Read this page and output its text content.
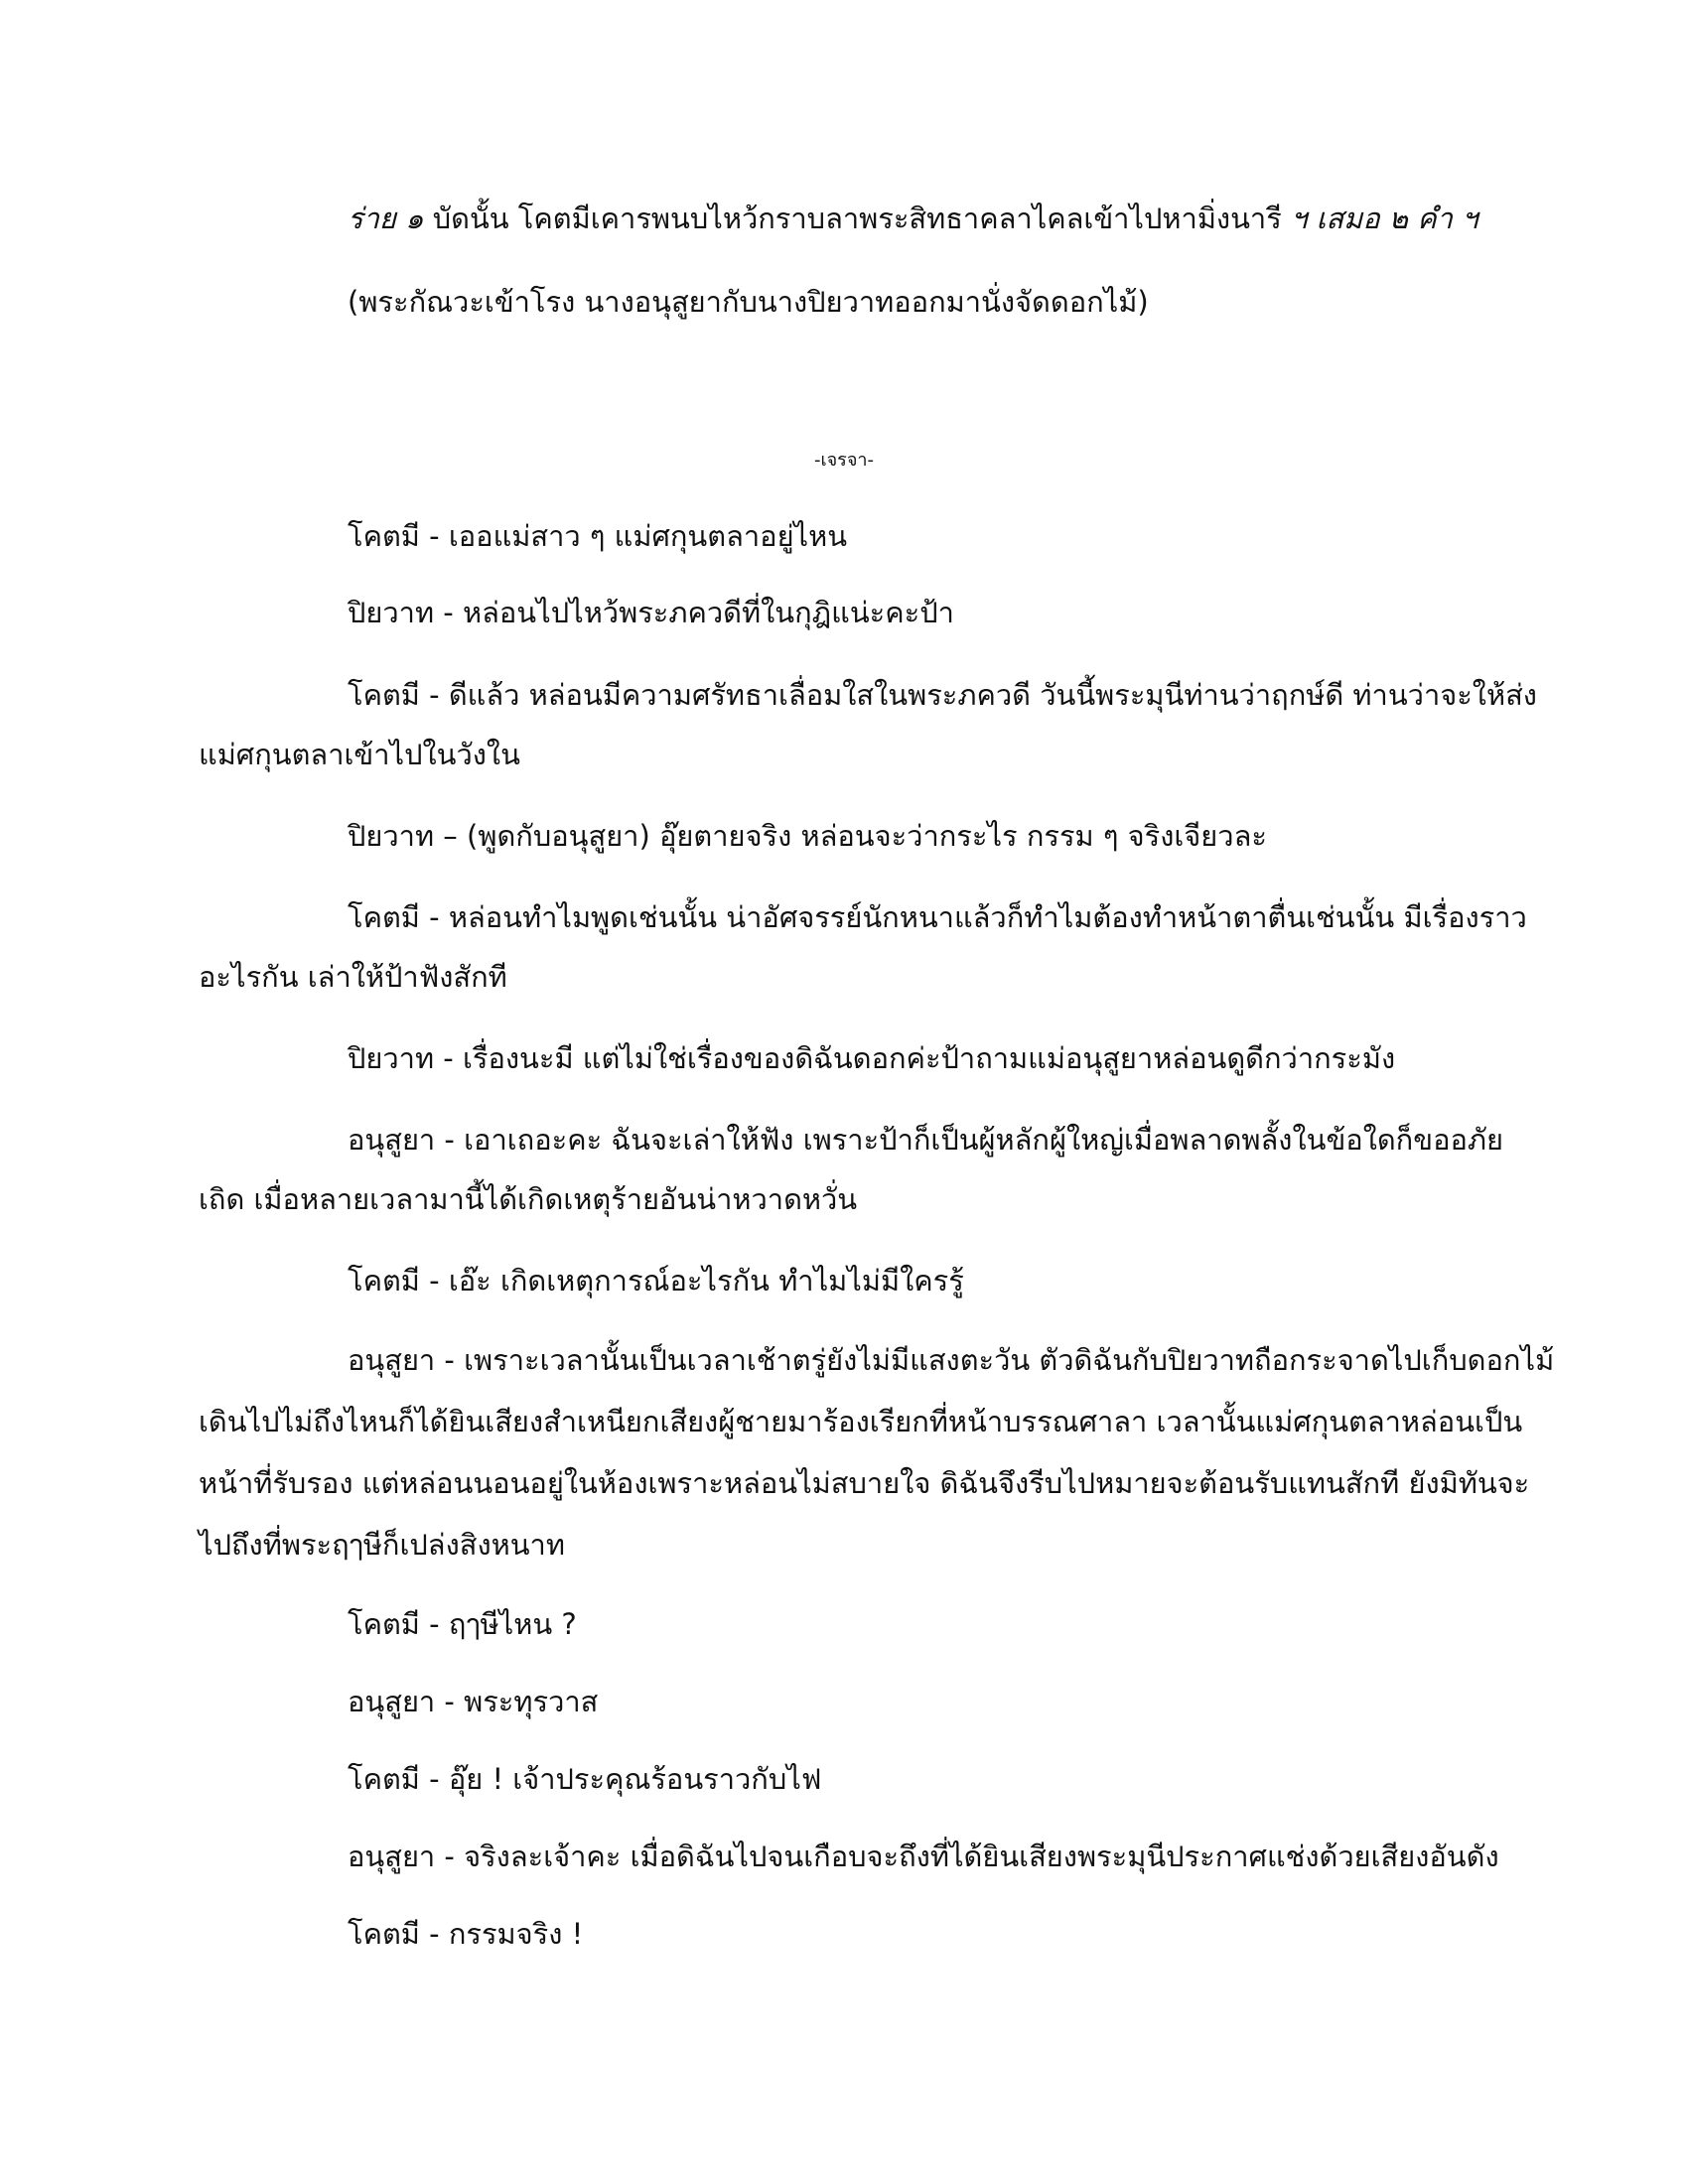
ร่าย ๑ บัดนั้น โคตมีเคารพนบไหว้กราบลาพระสิทธาคลาไคลเข้าไปหามิ่งนารี ฯ เสมอ ๒ คำ ฯ
(พระกัณวะเข้าโรง นางอนุสูยากับนางปิยวาทออกมานั่งจัดดอกไม้)
-เจรจา-
โคตมี - เออแม่สาว ๆ แม่ศกุนตลาอยู่ไหน
ปิยวาท - หล่อนไปไหว้พระภควดีที่ในกุฎิแน่ะคะป้า
โคตมี - ดีแล้ว หล่อนมีความศรัทธาเลื่อมใสในพระภควดี วันนี้พระมุนีท่านว่าฤกษ์ดี ท่านว่าจะให้ส่ง
แม่ศกุนตลาเข้าไปในวังใน
ปิยวาท – (พูดกับอนุสูยา) อุ๊ยตายจริง หล่อนจะว่ากระไร กรรม ๆ จริงเจียวละ
โคตมี - หล่อนทำไมพูดเช่นนั้น น่าอัศจรรย์นักหนาแล้วก็ทำไมต้องทำหน้าตาตื่นเช่นนั้น มีเรื่องราว
อะไรกัน เล่าให้ป้าฟังสักที
ปิยวาท - เรื่องนะมี แต่ไม่ใช่เรื่องของดิฉันดอกค่ะป้าถามแม่อนุสูยาหล่อนดูดีกว่ากระมัง
อนุสูยา - เอาเถอะคะ ฉันจะเล่าให้ฟัง เพราะป้าก็เป็นผู้หลักผู้ใหญ่เมื่อพลาดพลั้งในข้อใดก็ขออภัย
เถิด เมื่อหลายเวลามานี้ได้เกิดเหตุร้ายอันน่าหวาดหวั่น
โคตมี - เอ๊ะ เกิดเหตุการณ์อะไรกัน ทำไมไม่มีใครรู้
อนุสูยา - เพราะเวลานั้นเป็นเวลาเช้าตรู่ยังไม่มีแสงตะวัน ตัวดิฉันกับปิยวาทถือกระจาดไปเก็บดอกไม้
เดินไปไม่ถึงไหนก็ได้ยินเสียงสำเหนียกเสียงผู้ชายมาร้องเรียกที่หน้าบรรณศาลา เวลานั้นแม่ศกุนตลาหล่อนเป็น
หน้าที่รับรอง แต่หล่อนนอนอยู่ในห้องเพราะหล่อนไม่สบายใจ ดิฉันจึงรีบไปหมายจะต้อนรับแทนสักที ยังมิทันจะ
ไปถึงที่พระฤๅษีก็เปล่งสิงหนาท
โคตมี - ฤๅษีไหน ?
อนุสูยา - พระทุรวาส
โคตมี - อุ๊ย ! เจ้าประคุณร้อนราวกับไฟ
อนุสูยา - จริงละเจ้าคะ เมื่อดิฉันไปจนเกือบจะถึงที่ได้ยินเสียงพระมุนีประกาศแช่งด้วยเสียงอันดัง
โคตมี - กรรมจริง !
